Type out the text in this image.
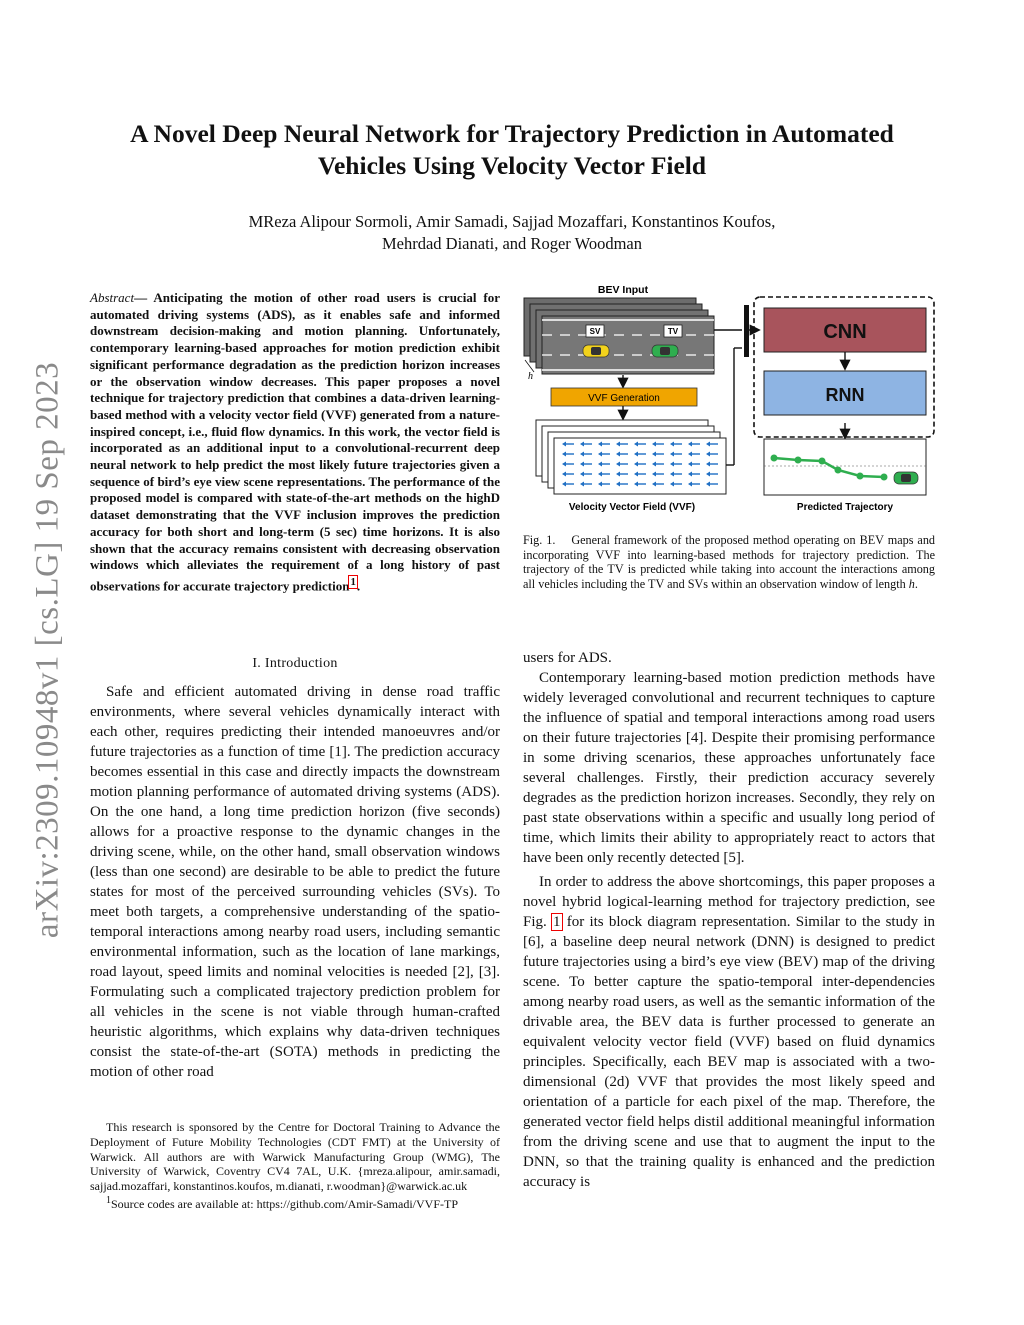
arXiv:2309.10948v1 [cs.LG] 19 Sep 2023
A Novel Deep Neural Network for Trajectory Prediction in Automated
Vehicles Using Velocity Vector Field

MReza Alipour Sormoli, Amir Samadi, Sajjad Mozaffari, Konstantinos Koufos,
Mehrdad Dianati, and Roger Woodman

Abstract— Anticipating the motion of other road users is crucial for automated driving systems (ADS), as it enables safe and informed downstream decision-making and motion planning. Unfortunately, contemporary learning-based approaches for motion prediction exhibit significant performance degradation as the prediction horizon increases or the observation window decreases. This paper proposes a novel technique for trajectory prediction that combines a data-driven learning-based method with a velocity vector field (VVF) generated from a nature-inspired concept, i.e., fluid flow dynamics. In this work, the vector field is incorporated as an additional input to a convolutional-recurrent deep neural network to help predict the most likely future trajectories given a sequence of bird’s eye view scene representations. The performance of the proposed model is compared with state-of-the-art methods on the highD dataset demonstrating that the VVF inclusion improves the prediction accuracy for both short and long-term (5 sec) time horizons. It is also shown that the accuracy remains consistent with decreasing observation windows which alleviates the requirement of a long history of past observations for accurate trajectory prediction$^1$.

I. Introduction

Safe and efficient automated driving in dense road traffic environments, where several vehicles dynamically interact with each other, requires predicting their intended manoeuvres and/or future trajectories as a function of time [1]. The prediction accuracy becomes essential in this case and directly impacts the downstream motion planning performance of automated driving systems (ADS). On the one hand, a long time prediction horizon (five seconds) allows for a proactive response to the dynamic changes in the driving scene, while, on the other hand, small observation windows (less than one second) are desirable to be able to predict the future states for most of the perceived surrounding vehicles (SVs). To meet both targets, a comprehensive understanding of the spatio-temporal interactions among nearby road users, including semantic environmental information, such as the location of lane markings, road layout, speed limits and nominal velocities is needed [2], [3]. Formulating such a complicated trajectory prediction problem for all vehicles in the scene is not viable through human-crafted heuristic algorithms, which explains why data-driven techniques consist the state-of-the-art (SOTA) methods in predicting the motion of other road

This research is sponsored by the Centre for Doctoral Training to Advance the Deployment of Future Mobility Technologies (CDT FMT) at the University of Warwick. All authors are with Warwick Manufacturing Group (WMG), The University of Warwick, Coventry CV4 7AL, U.K. {mreza.alipour, amir.samadi, sajjad.mozaffari, konstantinos.koufos, m.dianati, r.woodman}@warwick.ac.uk

$^1$Source codes are available at: https://github.com/Amir-Samadi/VVF-TP

BEV Input
SV	TV
h
VVF Generation
Velocity Vector Field (VVF)
CNN
RNN
Predicted Trajectory

Fig. 1. General framework of the proposed method operating on BEV maps and incorporating VVF into learning-based methods for trajectory prediction. The trajectory of the TV is predicted while taking into account the interactions among all vehicles including the TV and SVs within an observation window of length h.

users for ADS.

Contemporary learning-based motion prediction methods have widely leveraged convolutional and recurrent techniques to capture the influence of spatial and temporal interactions among road users on their future trajectories [4]. Despite their promising performance in some driving scenarios, these approaches unfortunately face several challenges. Firstly, their prediction accuracy severely degrades as the prediction horizon increases. Secondly, they rely on past state observations within a specific and usually long period of time, which limits their ability to appropriately react to actors that have been only recently detected [5].

In order to address the above shortcomings, this paper proposes a novel hybrid logical-learning method for trajectory prediction, see Fig. 1 for its block diagram representation. Similar to the study in [6], a baseline deep neural network (DNN) is designed to predict future trajectories using a bird’s eye view (BEV) map of the driving scene. To better capture the spatio-temporal inter-dependencies among nearby road users, as well as the semantic information of the drivable area, the BEV data is further processed to generate an equivalent velocity vector field (VVF) based on fluid dynamics principles. Specifically, each BEV map is associated with a two-dimensional (2d) VVF that provides the most likely speed and orientation of a particle for each pixel of the map. Therefore, the generated vector field helps distil additional meaningful information from the driving scene and use that to augment the input to the DNN, so that the training quality is enhanced and the prediction accuracy is
